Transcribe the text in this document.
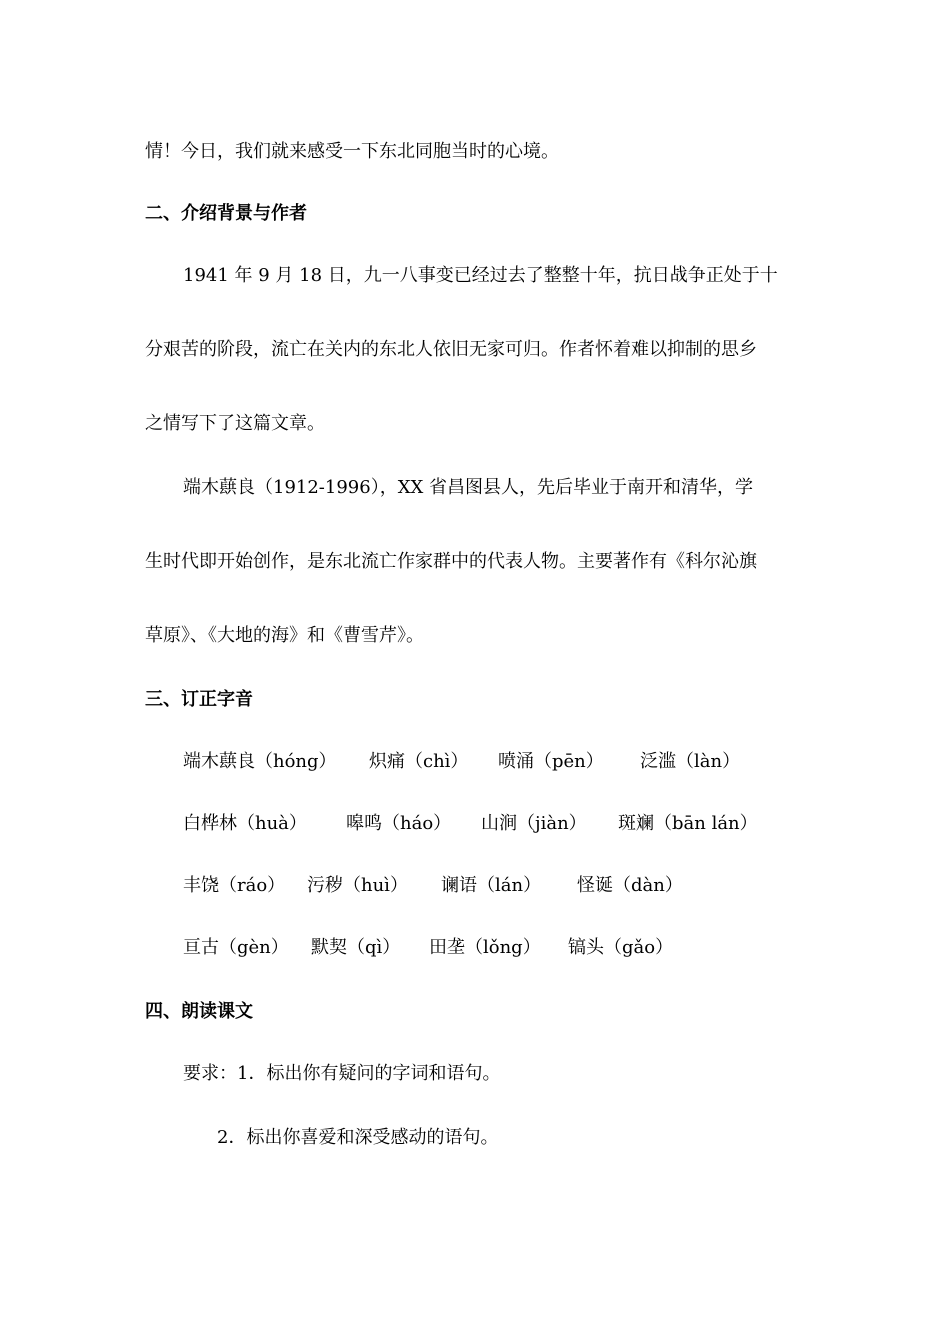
情！今日，我们就来感受一下东北同胞当时的心境。
二、介绍背景与作者
1941 年 9 月 18 日，九一八事变已经过去了整整十年，抗日战争正处于十
分艰苦的阶段，流亡在关内的东北人依旧无家可归。作者怀着难以抑制的思乡
之情写下了这篇文章。
端木蕻良（1912-1996），XX 省昌图县人，先后毕业于南开和清华，学
生时代即开始创作，是东北流亡作家群中的代表人物。主要著作有《科尔沁旗
草原》、《大地的海》和《曹雪芹》。
三、订正字音
端木蕻良（hóng） 炽痛（chì） 喷涌（pēn） 泛滥（làn）
白桦林（huà） 嗥鸣（háo） 山涧（jiàn） 斑斓（bān lán）
丰饶（ráo） 污秽（huì） 谰语（lán） 怪诞（dàn）
亘古（gèn） 默契（qì） 田垄（lǒng） 镐头（gǎo）
四、朗读课文
要求：1．标出你有疑问的字词和语句。
2．标出你喜爱和深受感动的语句。
